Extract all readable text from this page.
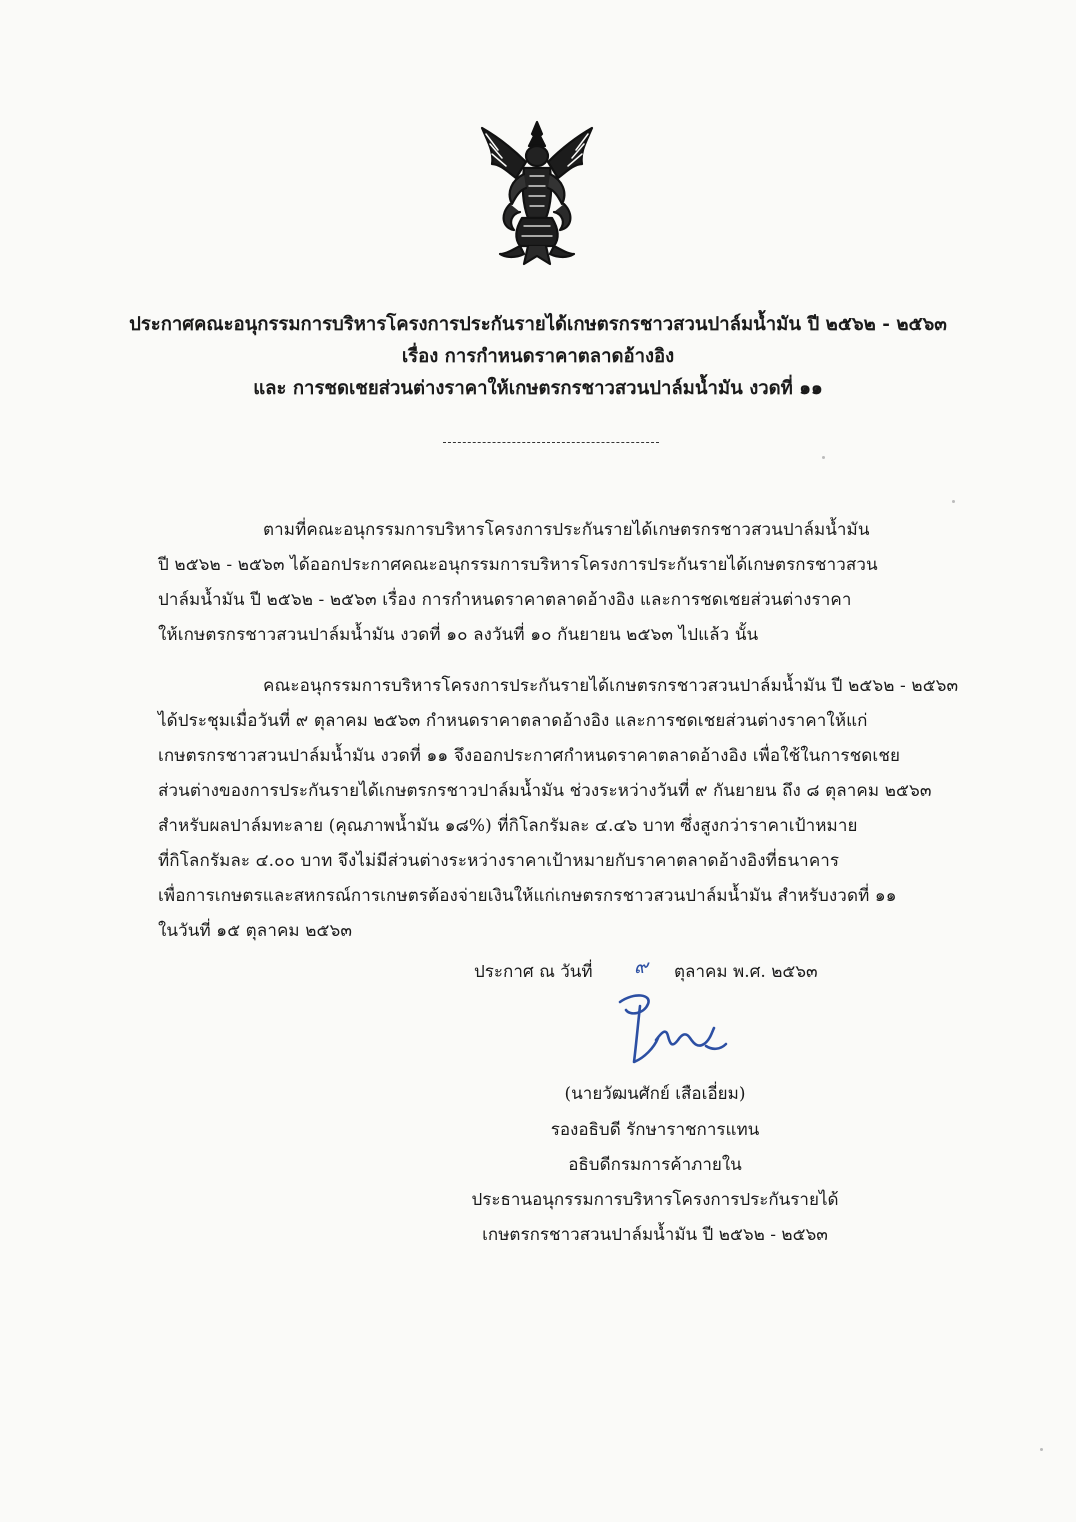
ประกาศคณะอนุกรรมการบริหารโครงการประกันรายได้เกษตรกรชาวสวนปาล์มน้ำมัน ปี ๒๕๖๒ - ๒๕๖๓
เรื่อง การกำหนดราคาตลาดอ้างอิง
และ การชดเชยส่วนต่างราคาให้เกษตรกรชาวสวนปาล์มน้ำมัน งวดที่ ๑๑
ตามที่คณะอนุกรรมการบริหารโครงการประกันรายได้เกษตรกรชาวสวนปาล์มน้ำมัน
ปี ๒๕๖๒ - ๒๕๖๓ ได้ออกประกาศคณะอนุกรรมการบริหารโครงการประกันรายได้เกษตรกรชาวสวน
ปาล์มน้ำมัน ปี ๒๕๖๒ - ๒๕๖๓ เรื่อง การกำหนดราคาตลาดอ้างอิง และการชดเชยส่วนต่างราคา
ให้เกษตรกรชาวสวนปาล์มน้ำมัน งวดที่ ๑๐ ลงวันที่ ๑๐ กันยายน ๒๕๖๓ ไปแล้ว นั้น
คณะอนุกรรมการบริหารโครงการประกันรายได้เกษตรกรชาวสวนปาล์มน้ำมัน ปี ๒๕๖๒ - ๒๕๖๓
ได้ประชุมเมื่อวันที่ ๙ ตุลาคม ๒๕๖๓ กำหนดราคาตลาดอ้างอิง และการชดเชยส่วนต่างราคาให้แก่
เกษตรกรชาวสวนปาล์มน้ำมัน งวดที่ ๑๑ จึงออกประกาศกำหนดราคาตลาดอ้างอิง เพื่อใช้ในการชดเชย
ส่วนต่างของการประกันรายได้เกษตรกรชาวปาล์มน้ำมัน ช่วงระหว่างวันที่ ๙ กันยายน ถึง ๘ ตุลาคม ๒๕๖๓
สำหรับผลปาล์มทะลาย (คุณภาพน้ำมัน ๑๘%) ที่กิโลกรัมละ ๔.๔๖ บาท ซึ่งสูงกว่าราคาเป้าหมาย
ที่กิโลกรัมละ ๔.๐๐ บาท จึงไม่มีส่วนต่างระหว่างราคาเป้าหมายกับราคาตลาดอ้างอิงที่ธนาคาร
เพื่อการเกษตรและสหกรณ์การเกษตรต้องจ่ายเงินให้แก่เกษตรกรชาวสวนปาล์มน้ำมัน สำหรับงวดที่ ๑๑
ในวันที่ ๑๕ ตุลาคม ๒๕๖๓
ประกาศ ณ วันที่ ๙ ตุลาคม พ.ศ. ๒๕๖๓
(นายวัฒนศักย์ เสือเอี่ยม)
รองอธิบดี รักษาราชการแทน
อธิบดีกรมการค้าภายใน
ประธานอนุกรรมการบริหารโครงการประกันรายได้
เกษตรกรชาวสวนปาล์มน้ำมัน ปี ๒๕๖๒ - ๒๕๖๓
